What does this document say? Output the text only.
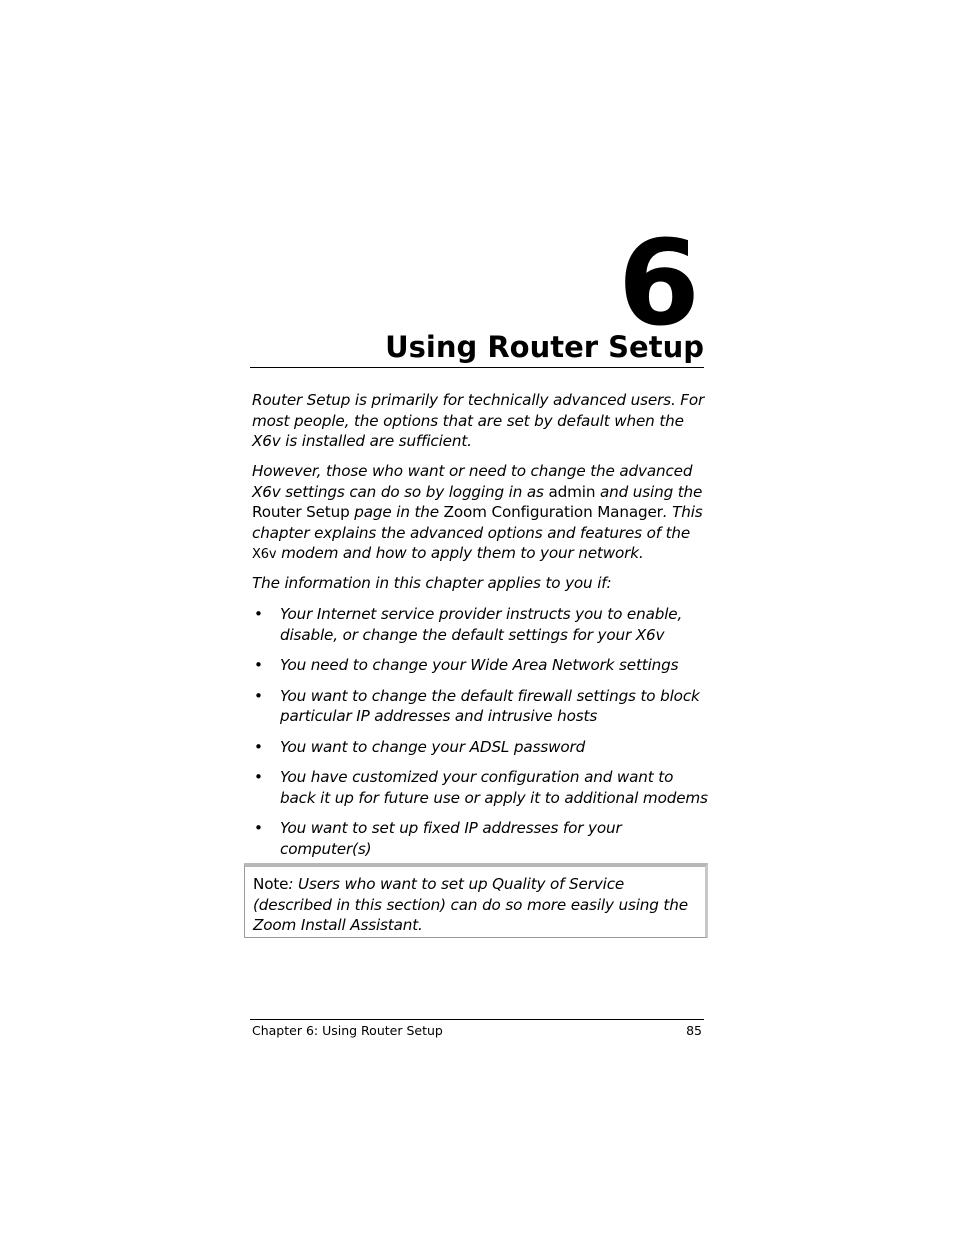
6
Using Router Setup

Router Setup is primarily for technically advanced users. For most people, the options that are set by default when the X6v is installed are sufficient.

However, those who want or need to change the advanced X6v settings can do so by logging in as admin and using the Router Setup page in the Zoom Configuration Manager. This chapter explains the advanced options and features of the X6v modem and how to apply them to your network.

The information in this chapter applies to you if:

• Your Internet service provider instructs you to enable, disable, or change the default settings for your X6v
• You need to change your Wide Area Network settings
• You want to change the default firewall settings to block particular IP addresses and intrusive hosts
• You want to change your ADSL password
• You have customized your configuration and want to back it up for future use or apply it to additional modems
• You want to set up fixed IP addresses for your computer(s)

Note: Users who want to set up Quality of Service (described in this section) can do so more easily using the Zoom Install Assistant.

Chapter 6: Using Router Setup	85
